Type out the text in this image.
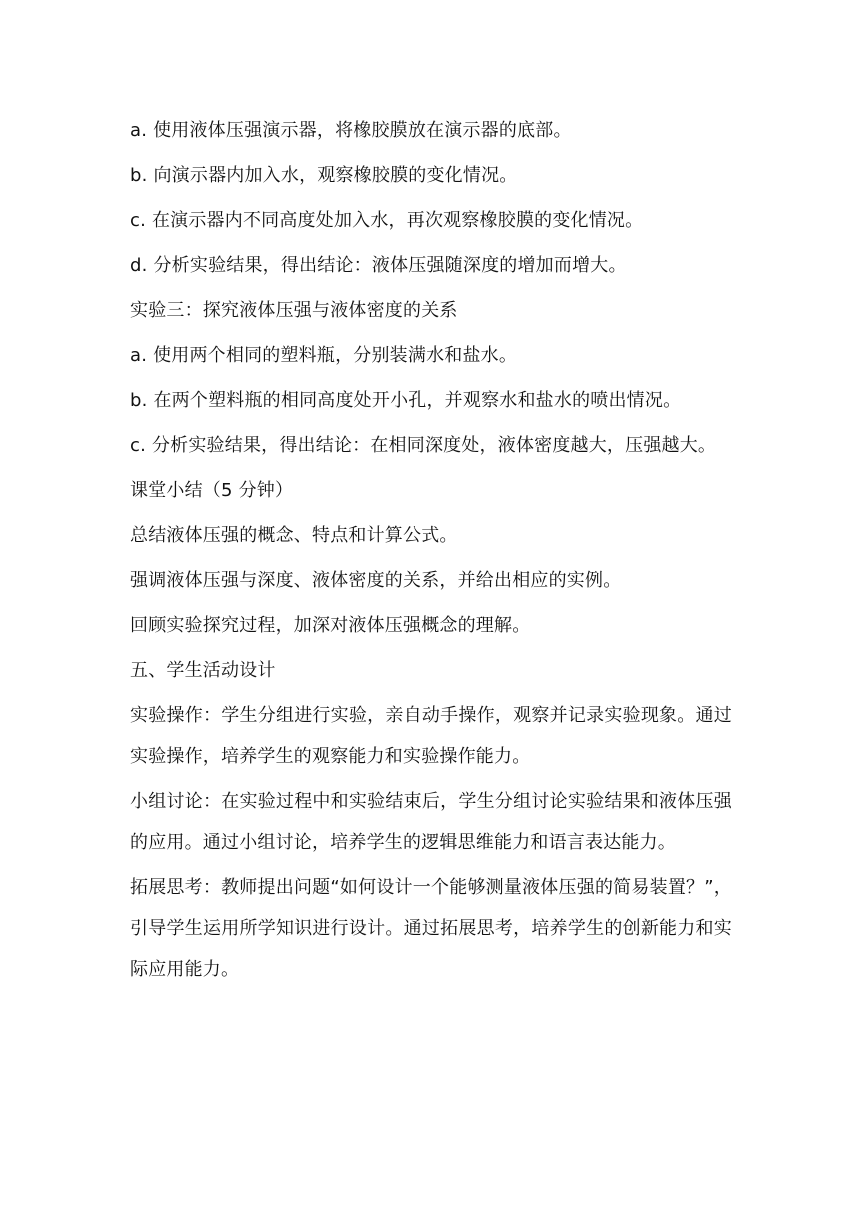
a. 使用液体压强演示器，将橡胶膜放在演示器的底部。

b. 向演示器内加入水，观察橡胶膜的变化情况。

c. 在演示器内不同高度处加入水，再次观察橡胶膜的变化情况。

d. 分析实验结果，得出结论：液体压强随深度的增加而增大。

实验三：探究液体压强与液体密度的关系

a. 使用两个相同的塑料瓶，分别装满水和盐水。

b. 在两个塑料瓶的相同高度处开小孔，并观察水和盐水的喷出情况。

c. 分析实验结果，得出结论：在相同深度处，液体密度越大，压强越大。

课堂小结（5 分钟）

总结液体压强的概念、特点和计算公式。

强调液体压强与深度、液体密度的关系，并给出相应的实例。

回顾实验探究过程，加深对液体压强概念的理解。

五、学生活动设计

实验操作：学生分组进行实验，亲自动手操作，观察并记录实验现象。通过实验操作，培养学生的观察能力和实验操作能力。

小组讨论：在实验过程中和实验结束后，学生分组讨论实验结果和液体压强的应用。通过小组讨论，培养学生的逻辑思维能力和语言表达能力。

拓展思考：教师提出问题“如何设计一个能够测量液体压强的简易装置？”，引导学生运用所学知识进行设计。通过拓展思考，培养学生的创新能力和实际应用能力。
